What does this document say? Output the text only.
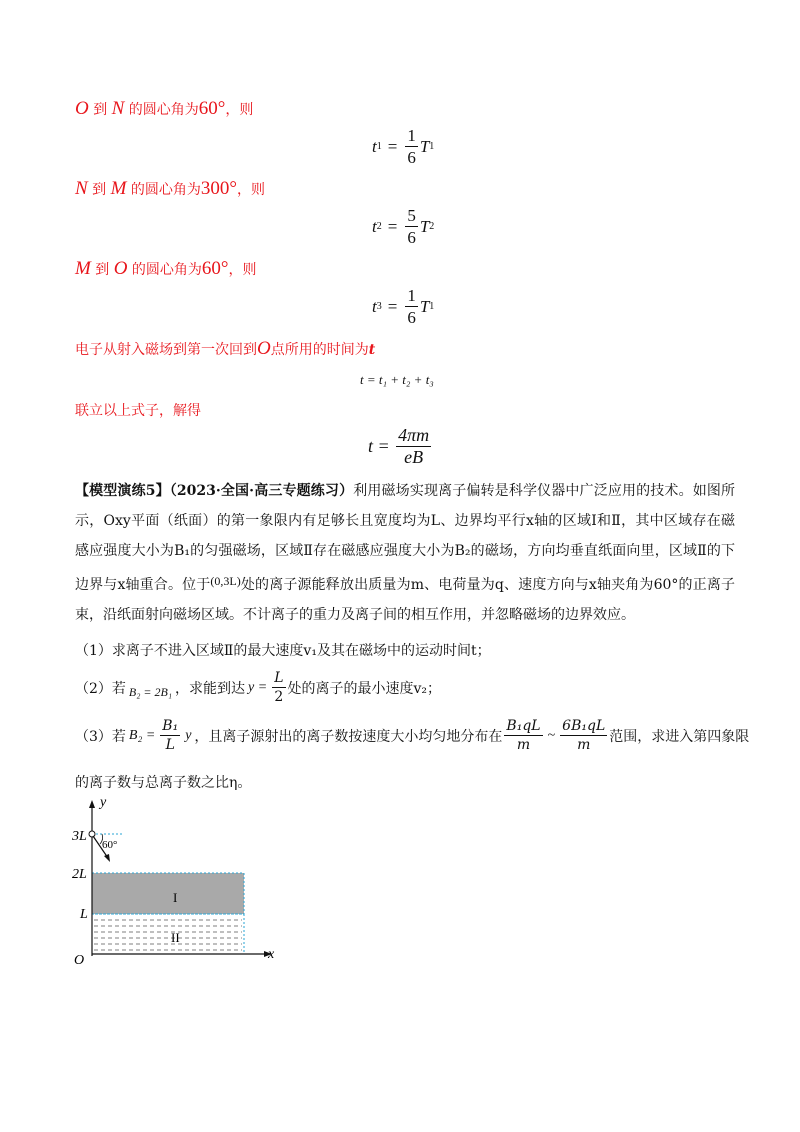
O 到 N 的圆心角为60°，则
t $1 = \frac{1}{6}$ T 1
N 到 M 的圆心角为300°，则
t $2 = \frac{5}{6}$ T 2
M 到 O 的圆心角为60°，则
t $3 = \frac{1}{6}$ T 1
电子从射入磁场到第一次回到O点所用的时间为t
t = t₁ + t₂ + t₃
联立以上式子，解得
$t = \frac{4\pi m}{eB}$
【模型演练5】（2023·全国·高三专题练习）利用磁场实现离子偏转是科学仪器中广泛应用的技术。如图所示，Oxy平面（纸面）的第一象限内有足够长且宽度均为L、边界均平行x轴的区域Ⅰ和Ⅱ，其中区域存在磁感应强度大小为B₁的匀强磁场，区域Ⅱ存在磁感应强度大小为B₂的磁场，方向均垂直纸面向里，区域Ⅱ的下边界与x轴重合。位于(0,3L)处的离子源能释放出质量为m、电荷量为q、速度方向与x轴夹角为60°的正离子束，沿纸面射向磁场区域。不计离子的重力及离子间的相互作用，并忽略磁场的边界效应。
（1）求离子不进入区域Ⅱ的最大速度v₁及其在磁场中的运动时间t；
（2）若 B₂ = 2B₁ ，求能到达 $y = \frac{L}{2}$ 处的离子的最小速度v₂；
（3）若 $B_2 = \frac{\text{B₁}}{L}$ y ，且离子源射出的离子数按速度大小均匀地分布在 $\frac{\text{B₁qL}}{m}$ ~ $\frac{\text{6B₁qL}}{m}$ 范围，求进入第四象限
的离子数与总离子数之比η。
y
x
O
3L
2L
L
60°
I
II
